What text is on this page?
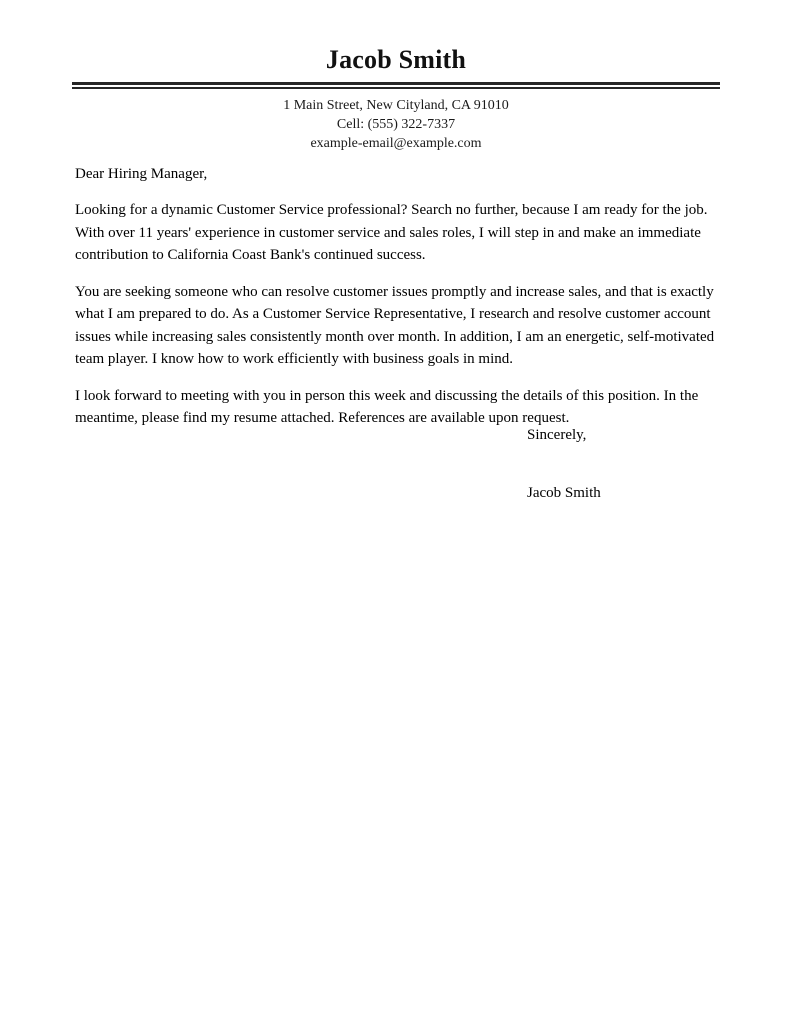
Jacob Smith
1 Main Street, New Cityland, CA 91010
Cell: (555) 322-7337
example-email@example.com

Dear Hiring Manager,

Looking for a dynamic Customer Service professional? Search no further, because I am ready for the job. With over 11 years' experience in customer service and sales roles, I will step in and make an immediate contribution to California Coast Bank's continued success.

You are seeking someone who can resolve customer issues promptly and increase sales, and that is exactly what I am prepared to do. As a Customer Service Representative, I research and resolve customer account issues while increasing sales consistently month over month. In addition, I am an energetic, self-motivated team player. I know how to work efficiently with business goals in mind.

I look forward to meeting with you in person this week and discussing the details of this position. In the meantime, please find my resume attached. References are available upon request.

Sincerely,

Jacob Smith
